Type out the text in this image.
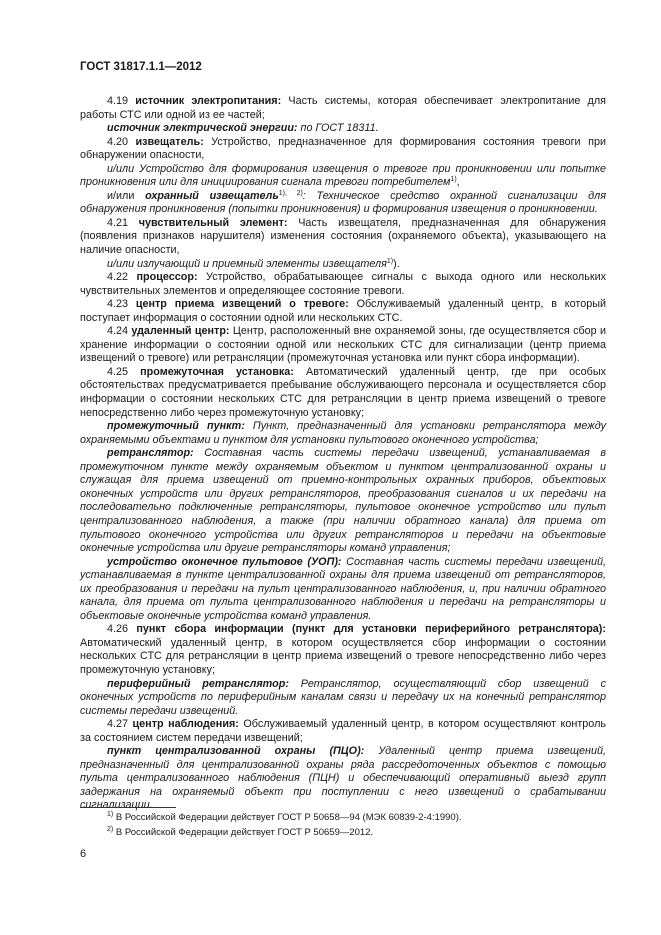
ГОСТ 31817.1.1—2012

4.19 источник электропитания: Часть системы, которая обеспечивает электропитание для работы СТС или одной из ее частей;

источник электрической энергии: по ГОСТ 18311.

4.20 извещатель: Устройство, предназначенное для формирования состояния тревоги при обнаружении опасности,

и/или Устройство для формирования извещения о тревоге при проникновении или попытке проникновения или для инициирования сигнала тревоги потребителем$^{1)}$,

и/или охранный извещатель$^{1), 2)}$: Техническое средство охранной сигнализации для обнаружения проникновения (попытки проникновения) и формирования извещения о проникновении.

4.21 чувствительный элемент: Часть извещателя, предназначенная для обнаружения (появления признаков нарушителя) изменения состояния (охраняемого объекта), указывающего на наличие опасности,

и/или излучающий и приемный элементы извещателя$^{1)}$).

4.22 процессор: Устройство, обрабатывающее сигналы с выхода одного или нескольких чувствительных элементов и определяющее состояние тревоги.

4.23 центр приема извещений о тревоге: Обслуживаемый удаленный центр, в который поступает информация о состоянии одной или нескольких СТС.

4.24 удаленный центр: Центр, расположенный вне охраняемой зоны, где осуществляется сбор и хранение информации о состоянии одной или нескольких СТС для сигнализации (центр приема извещений о тревоге) или ретрансляции (промежуточная установка или пункт сбора информации).

4.25 промежуточная установка: Автоматический удаленный центр, где при особых обстоятельствах предусматривается пребывание обслуживающего персонала и осуществляется сбор информации о состоянии нескольких СТС для ретрансляции в центр приема извещений о тревоге непосредственно либо через промежуточную установку;

промежуточный пункт: Пункт, предназначенный для установки ретранслятора между охраняемыми объектами и пунктом для установки пультового оконечного устройства;

ретранслятор: Составная часть системы передачи извещений, устанавливаемая в промежуточном пункте между охраняемым объектом и пунктом централизованной охраны и служащая для приема извещений от приемно-контрольных охранных приборов, объектовых оконечных устройств или других ретрансляторов, преобразования сигналов и их передачи на последовательно подключенные ретрансляторы, пультовое оконечное устройство или пульт централизованного наблюдения, а также (при наличии обратного канала) для приема от пультового оконечного устройства или других ретрансляторов и передачи на объектовые оконечные устройства или другие ретрансляторы команд управления;

устройство оконечное пультовое (УОП): Составная часть системы передачи извещений, устанавливаемая в пункте централизованной охраны для приема извещений от ретрансляторов, их преобразования и передачи на пульт централизованного наблюдения, и, при наличии обратного канала, для приема от пульта централизованного наблюдения и передачи на ретрансляторы и объектовые оконечные устройства команд управления.

4.26 пункт сбора информации (пункт для установки периферийного ретранслятора): Автоматический удаленный центр, в котором осуществляется сбор информации о состоянии нескольких СТС для ретрансляции в центр приема извещений о тревоге непосредственно либо через промежуточную установку;

периферийный ретранслятор: Ретранслятор, осуществляющий сбор извещений с оконечных устройств по периферийным каналам связи и передачу их на конечный ретранслятор системы передачи извещений.

4.27 центр наблюдения: Обслуживаемый удаленный центр, в котором осуществляют контроль за состоянием систем передачи извещений;

пункт централизованной охраны (ПЦО): Удаленный центр приема извещений, предназначенный для централизованной охраны ряда рассредоточенных объектов с помощью пульта централизованного наблюдения (ПЦН) и обеспечивающий оперативный выезд групп задержания на охраняемый объект при поступлении с него извещений о срабатывании сигнализации.

$^{1)}$ В Российской Федерации действует ГОСТ Р 50658—94 (МЭК 60839-2-4:1990).
$^{2)}$ В Российской Федерации действует ГОСТ Р 50659—2012.
6
